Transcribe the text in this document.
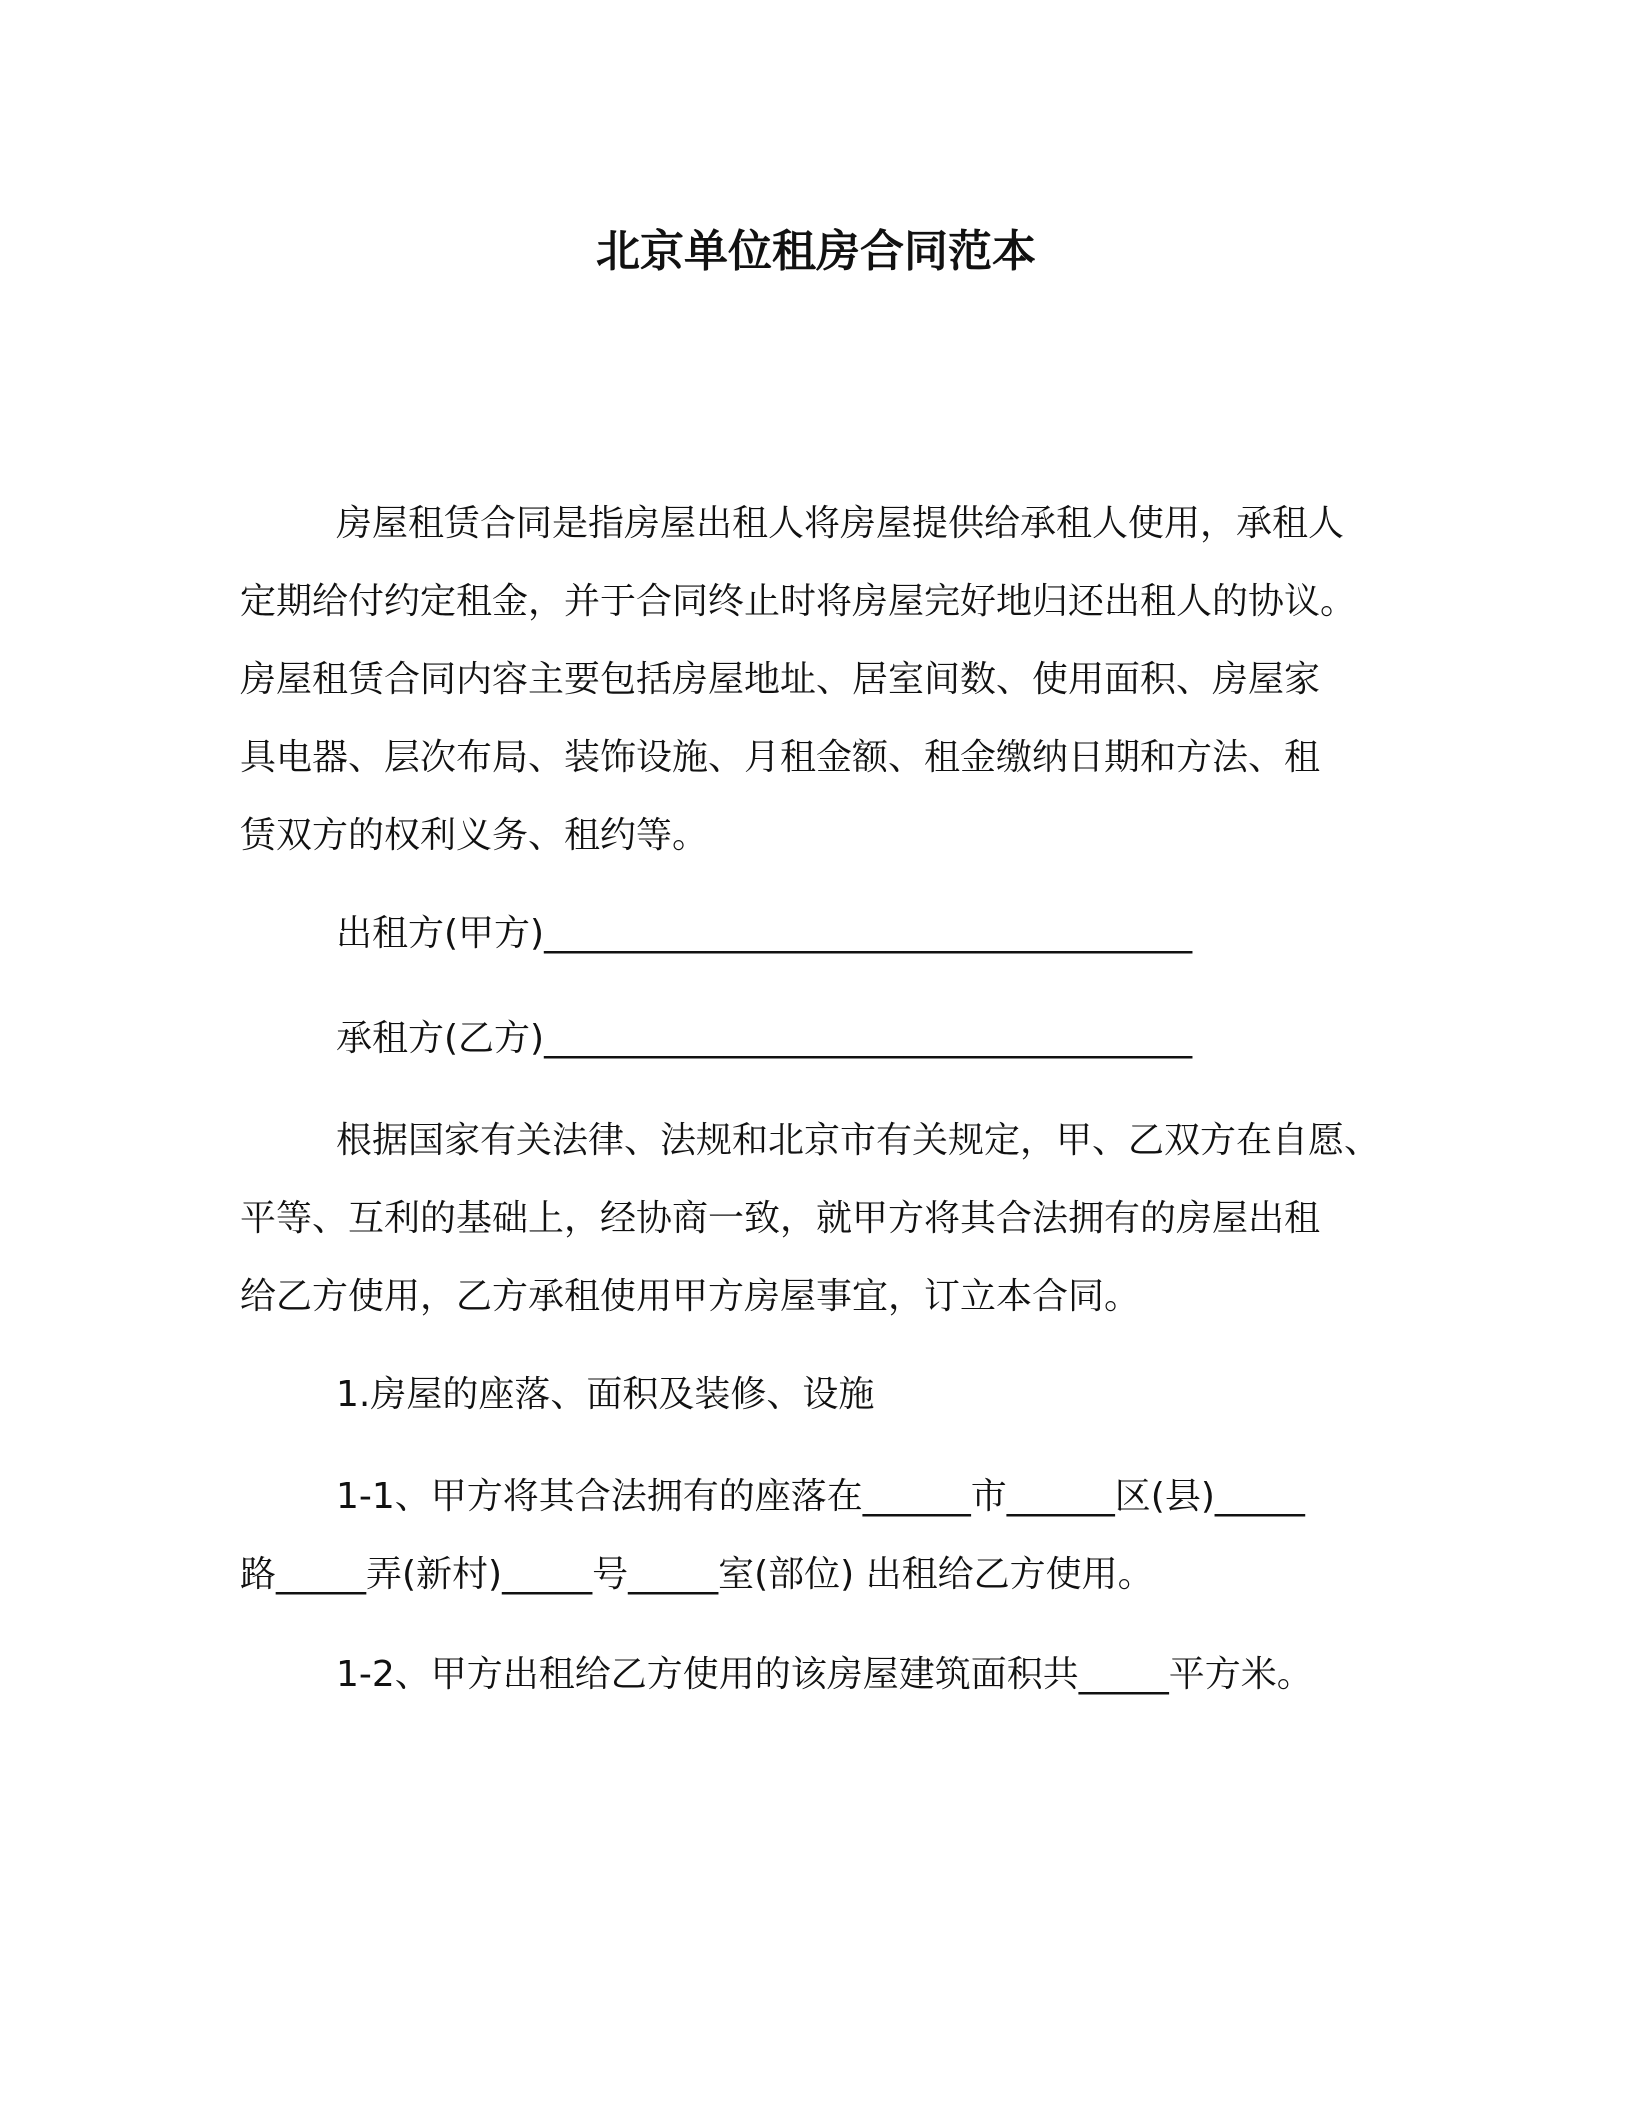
北京单位租房合同范本
房屋租赁合同是指房屋出租人将房屋提供给承租人使用，承租人
定期给付约定租金，并于合同终止时将房屋完好地归还出租人的协议。
房屋租赁合同内容主要包括房屋地址、居室间数、使用面积、房屋家
具电器、层次布局、装饰设施、月租金额、租金缴纳日期和方法、租
赁双方的权利义务、租约等。
出租方(甲方)____________________________________
承租方(乙方)____________________________________
根据国家有关法律、法规和北京市有关规定，甲、乙双方在自愿、
平等、互利的基础上，经协商一致，就甲方将其合法拥有的房屋出租
给乙方使用，乙方承租使用甲方房屋事宜，订立本合同。
1.房屋的座落、面积及装修、设施
1-1、甲方将其合法拥有的座落在______市______区(县)_____
路_____弄(新村)_____号_____室(部位) 出租给乙方使用。
1-2、甲方出租给乙方使用的该房屋建筑面积共_____平方米。
